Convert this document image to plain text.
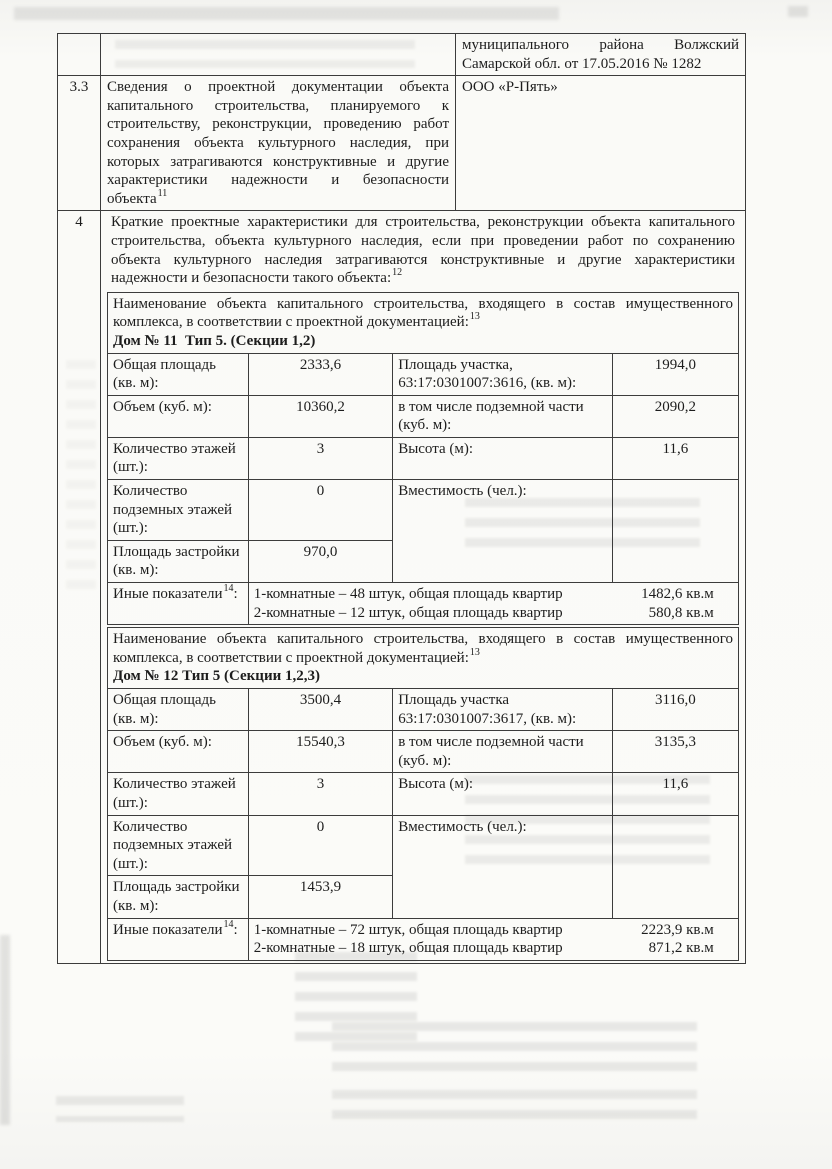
		муниципального района Волжский Самарской обл. от 17.05.2016 № 1282
3.3	Сведения о проектной документации объекта капитального строительства, планируемого к строительству, реконструкции, проведению работ сохранения объекта культурного наследия, при которых затрагиваются конструктивные и другие характеристики надежности и безопасности объекта$^{11}$	ООО «Р-Пять»
4	Краткие проектные характеристики для строительства, реконструкции объекта капитального строительства, объекта культурного наследия, если при проведении работ по сохранению объекта культурного наследия затрагиваются конструктивные и другие характеристики надежности и безопасности такого объекта:$^{12}$
Наименование объекта капитального строительства, входящего в состав имущественного комплекса, в соответствии с проектной документацией:$^{13}$
Дом № 11  Тип 5. (Секции 1,2)

Общая площадь (кв. м):	2333,6	Площадь участка, 63:17:0301007:3616, (кв. м):	1994,0
Объем (куб. м):	10360,2	в том числе подземной части (куб. м):	2090,2
Количество этажей (шт.):	3	Высота (м):	11,6
Количество подземных этажей (шт.):	0	Вместимость (чел.):	
Площадь застройки (кв. м):	970,0
Иные показатели$^{14}$:	1-комнатные – 48 штук, общая площадь квартир	1482,6 кв.м
2-комнатные – 12 штук, общая площадь квартир	580,8 кв.м
Наименование объекта капитального строительства, входящего в состав имущественного комплекса, в соответствии с проектной документацией:$^{13}$
Дом № 12 Тип 5 (Секции 1,2,3)

Общая площадь (кв. м):	3500,4	Площадь участка 63:17:0301007:3617, (кв. м):	3116,0
Объем (куб. м):	15540,3	в том числе подземной части (куб. м):	3135,3
Количество этажей (шт.):	3	Высота (м):	11,6
Количество подземных этажей (шт.):	0	Вместимость (чел.):	
Площадь застройки (кв. м):	1453,9
Иные показатели$^{14}$:	1-комнатные – 72 штук, общая площадь квартир	2223,9 кв.м
2-комнатные – 18 штук, общая площадь квартир	871,2 кв.м
